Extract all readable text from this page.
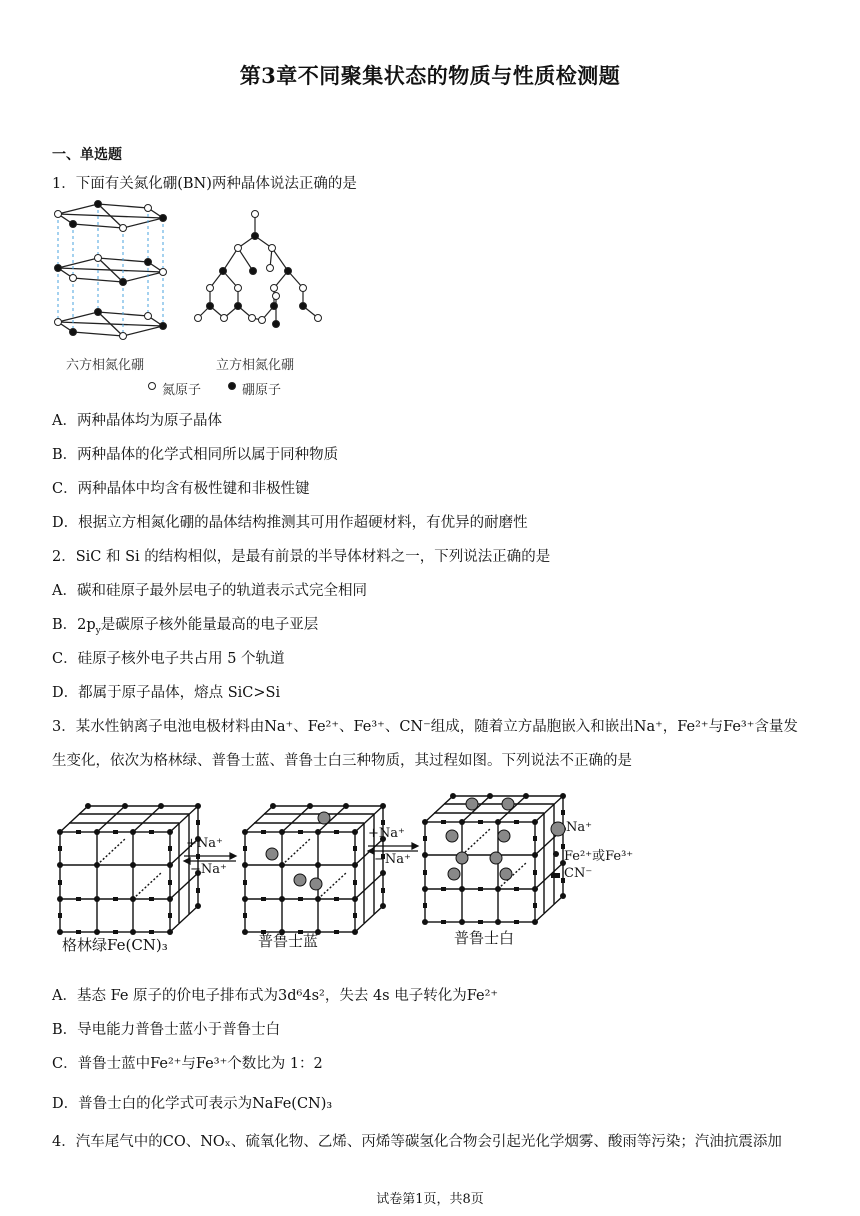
第3章不同聚集状态的物质与性质检测题
一、单选题
1．下面有关氮化硼(BN)两种晶体说法正确的是
六方相氮化硼	立方相氮化硼
氮原子	硼原子
A．两种晶体均为原子晶体
B．两种晶体的化学式相同所以属于同种物质
C．两种晶体中均含有极性键和非极性键
D．根据立方相氮化硼的晶体结构推测其可用作超硬材料，有优异的耐磨性
2．SiC 和 Si 的结构相似，是最有前景的半导体材料之一，下列说法正确的是
A．碳和硅原子最外层电子的轨道表示式完全相同
B．$2p_y$是碳原子核外能量最高的电子亚层
C．硅原子核外电子共占用 5 个轨道
D．都属于原子晶体，熔点 SiC>Si
3．某水性钠离子电池电极材料由Na⁺、Fe²⁺、Fe³⁺、CN⁻组成，随着立方晶胞嵌入和嵌出Na⁺，Fe²⁺与Fe³⁺含量发
生变化，依次为格林绿、普鲁士蓝、普鲁士白三种物质，其过程如图。下列说法不正确的是
+Na⁺
−Na⁺
+Na⁺
−Na⁺
Na⁺
Fe²⁺或Fe³⁺
CN⁻
格林绿Fe(CN)₃	普鲁士蓝	普鲁士白
A．基态 Fe 原子的价电子排布式为3d⁶4s²，失去 4s 电子转化为Fe²⁺
B．导电能力普鲁士蓝小于普鲁士白
C．普鲁士蓝中Fe²⁺与Fe³⁺个数比为 1：2
D．普鲁士白的化学式可表示为NaFe(CN)₃
4．汽车尾气中的CO、NOₓ、硫氧化物、乙烯、丙烯等碳氢化合物会引起光化学烟雾、酸雨等污染；汽油抗震添加
试卷第1页，共8页
